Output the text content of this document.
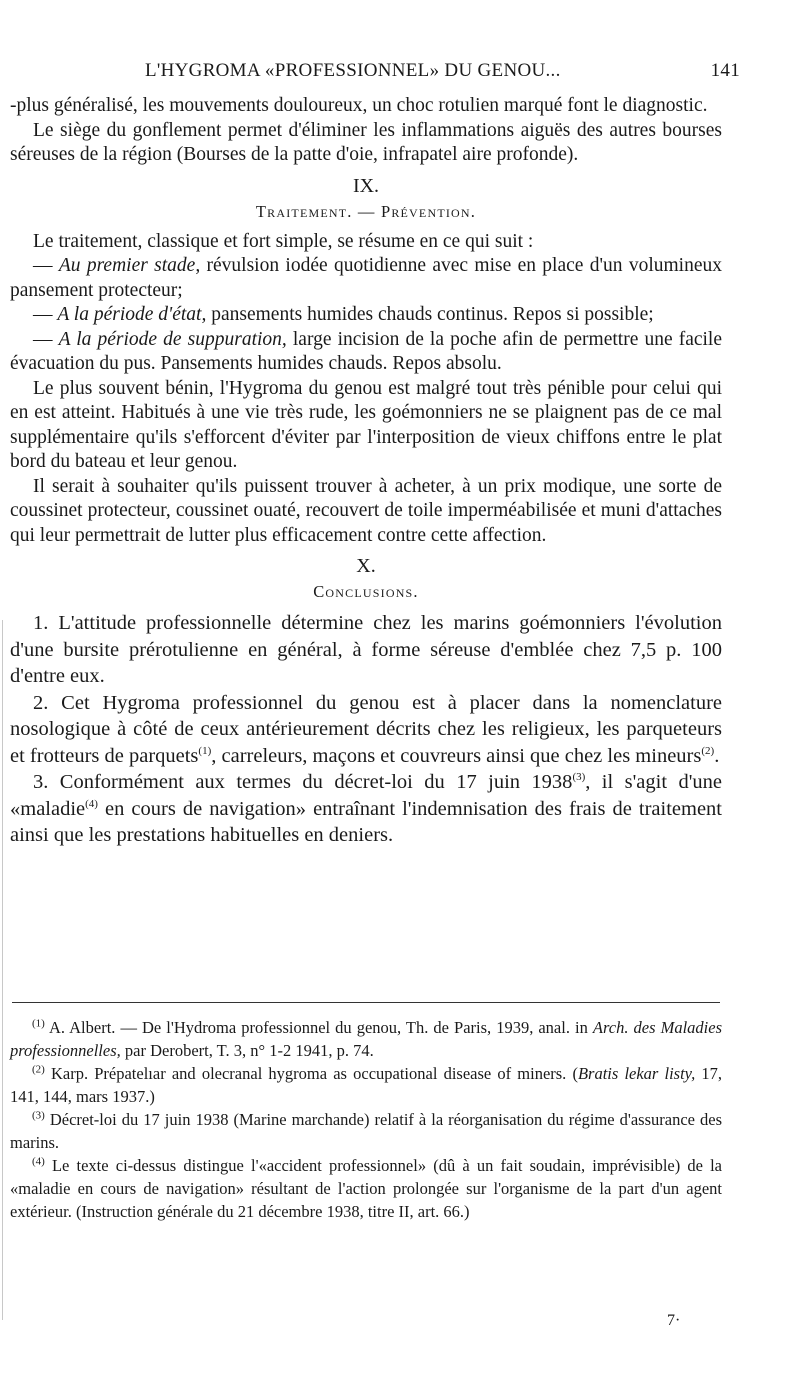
L'HYGROMA «PROFESSIONNEL» DU GENOU...	141

-plus généralisé, les mouvements douloureux, un choc rotulien marqué font le diagnostic.

Le siège du gonflement permet d'éliminer les inflammations aiguës des autres bourses séreuses de la région (Bourses de la patte d'oie, infrapatel aire profonde).

IX.
Traitement. — Prévention.

Le traitement, classique et fort simple, se résume en ce qui suit :

— Au premier stade, révulsion iodée quotidienne avec mise en place d'un volumineux pansement protecteur;

— A la période d'état, pansements humides chauds continus. Repos si possible;

— A la période de suppuration, large incision de la poche afin de permettre une facile évacuation du pus. Pansements humides chauds. Repos absolu.

Le plus souvent bénin, l'Hygroma du genou est malgré tout très pénible pour celui qui en est atteint. Habitués à une vie très rude, les goémonniers ne se plaignent pas de ce mal supplémentaire qu'ils s'efforcent d'éviter par l'interposition de vieux chiffons entre le plat bord du bateau et leur genou.

Il serait à souhaiter qu'ils puissent trouver à acheter, à un prix modique, une sorte de coussinet protecteur, coussinet ouaté, recouvert de toile imperméabilisée et muni d'attaches qui leur permettrait de lutter plus efficacement contre cette affection.

X.
Conclusions.

1. L'attitude professionnelle détermine chez les marins goémonniers l'évolution d'une bursite prérotulienne en général, à forme séreuse d'emblée chez 7,5 p. 100 d'entre eux.

2. Cet Hygroma professionnel du genou est à placer dans la nomenclature nosologique à côté de ceux antérieurement décrits chez les religieux, les parqueteurs et frotteurs de parquets$^{(1)}$, carreleurs, maçons et couvreurs ainsi que chez les mineurs$^{(2)}$.

3. Conformément aux termes du décret-loi du 17 juin 1938$^{(3)}$, il s'agit d'une «maladie$^{(4)}$ en cours de navigation» entraînant l'indemnisation des frais de traitement ainsi que les prestations habituelles en deniers.

$^{(1)}$ A. Albert. — De l'Hydroma professionnel du genou, Th. de Paris, 1939, anal. in Arch. des Maladies professionnelles, par Derobert, T. 3, n° 1-2 1941, p. 74.

$^{(2)}$ Karp. Prépatelıar and olecranal hygroma as occupational disease of miners. (Bratis lekar listy, 17, 141, 144, mars 1937.)

$^{(3)}$ Décret-loi du 17 juin 1938 (Marine marchande) relatif à la réorganisation du régime d'assurance des marins.

$^{(4)}$ Le texte ci-dessus distingue l'«accident professionnel» (dû à un fait soudain, imprévisible) de la «maladie en cours de navigation» résultant de l'action prolongée sur l'organisme de la part d'un agent extérieur. (Instruction générale du 21 décembre 1938, titre II, art. 66.)

7·
